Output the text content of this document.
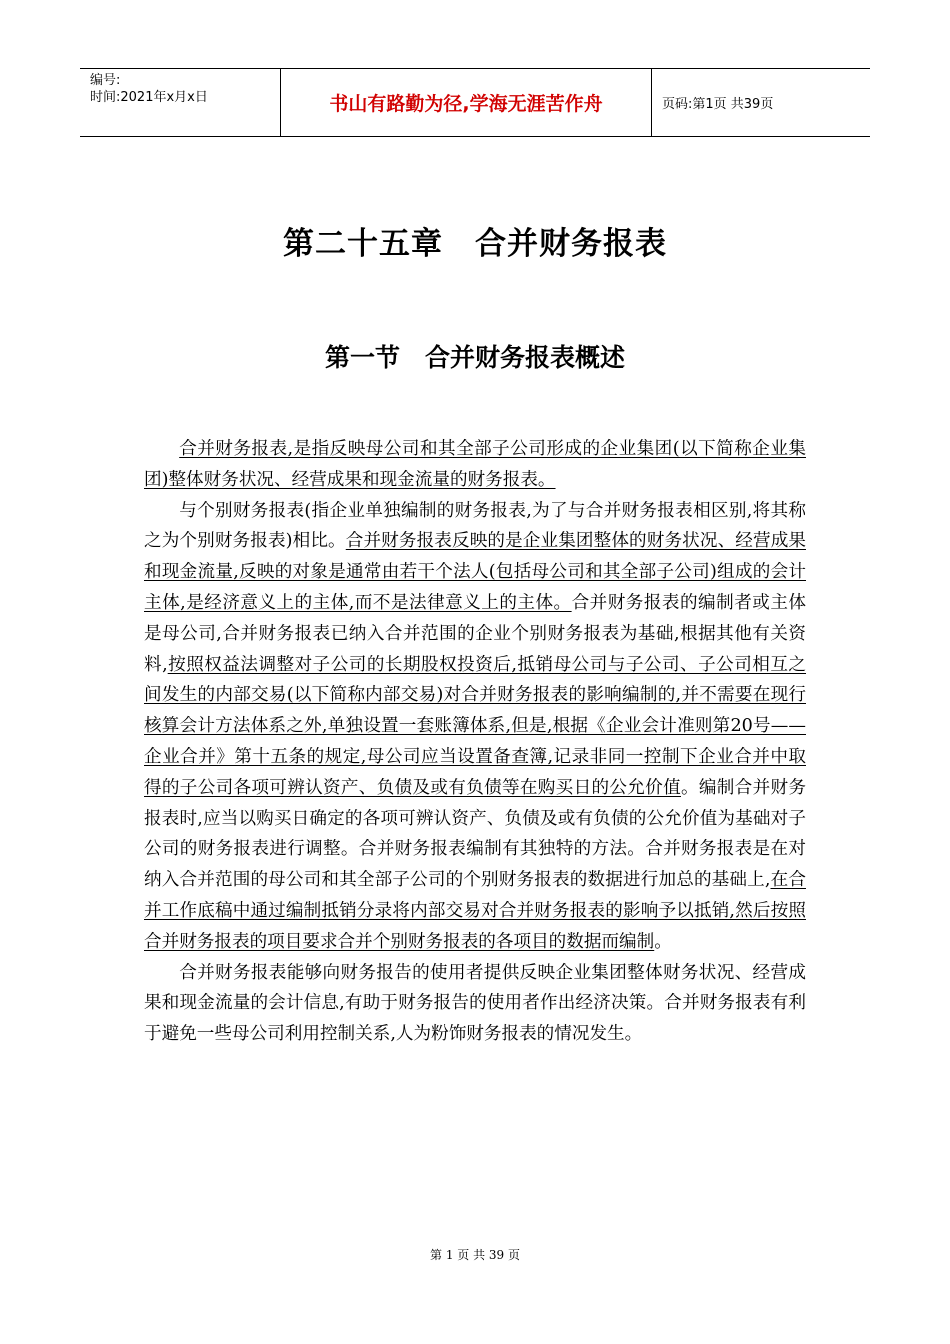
编号:
时间:2021年x月x日	书山有路勤为径,学海无涯苦作舟	页码:第1页 共39页
第二十五章　合并财务报表
第一节　合并财务报表概述

合并财务报表,是指反映母公司和其全部子公司形成的企业集团(以下简称企业集团)整体财务状况、经营成果和现金流量的财务报表。

与个别财务报表(指企业单独编制的财务报表,为了与合并财务报表相区别,将其称之为个别财务报表)相比。合并财务报表反映的是企业集团整体的财务状况、经营成果和现金流量,反映的对象是通常由若干个法人(包括母公司和其全部子公司)组成的会计主体,是经济意义上的主体,而不是法律意义上的主体。合并财务报表的编制者或主体是母公司,合并财务报表已纳入合并范围的企业个别财务报表为基础,根据其他有关资料,按照权益法调整对子公司的长期股权投资后,抵销母公司与子公司、子公司相互之间发生的内部交易(以下简称内部交易)对合并财务报表的影响编制的,并不需要在现行核算会计方法体系之外,单独设置一套账簿体系,但是,根据《企业会计准则第20号——企业合并》第十五条的规定,母公司应当设置备查簿,记录非同一控制下企业合并中取得的子公司各项可辨认资产、负债及或有负债等在购买日的公允价值。编制合并财务报表时,应当以购买日确定的各项可辨认资产、负债及或有负债的公允价值为基础对子公司的财务报表进行调整。合并财务报表编制有其独特的方法。合并财务报表是在对纳入合并范围的母公司和其全部子公司的个别财务报表的数据进行加总的基础上,在合并工作底稿中通过编制抵销分录将内部交易对合并财务报表的影响予以抵销,然后按照合并财务报表的项目要求合并个别财务报表的各项目的数据而编制。

合并财务报表能够向财务报告的使用者提供反映企业集团整体财务状况、经营成果和现金流量的会计信息,有助于财务报告的使用者作出经济决策。合并财务报表有利于避免一些母公司利用控制关系,人为粉饰财务报表的情况发生。

第 1 页 共 39 页
